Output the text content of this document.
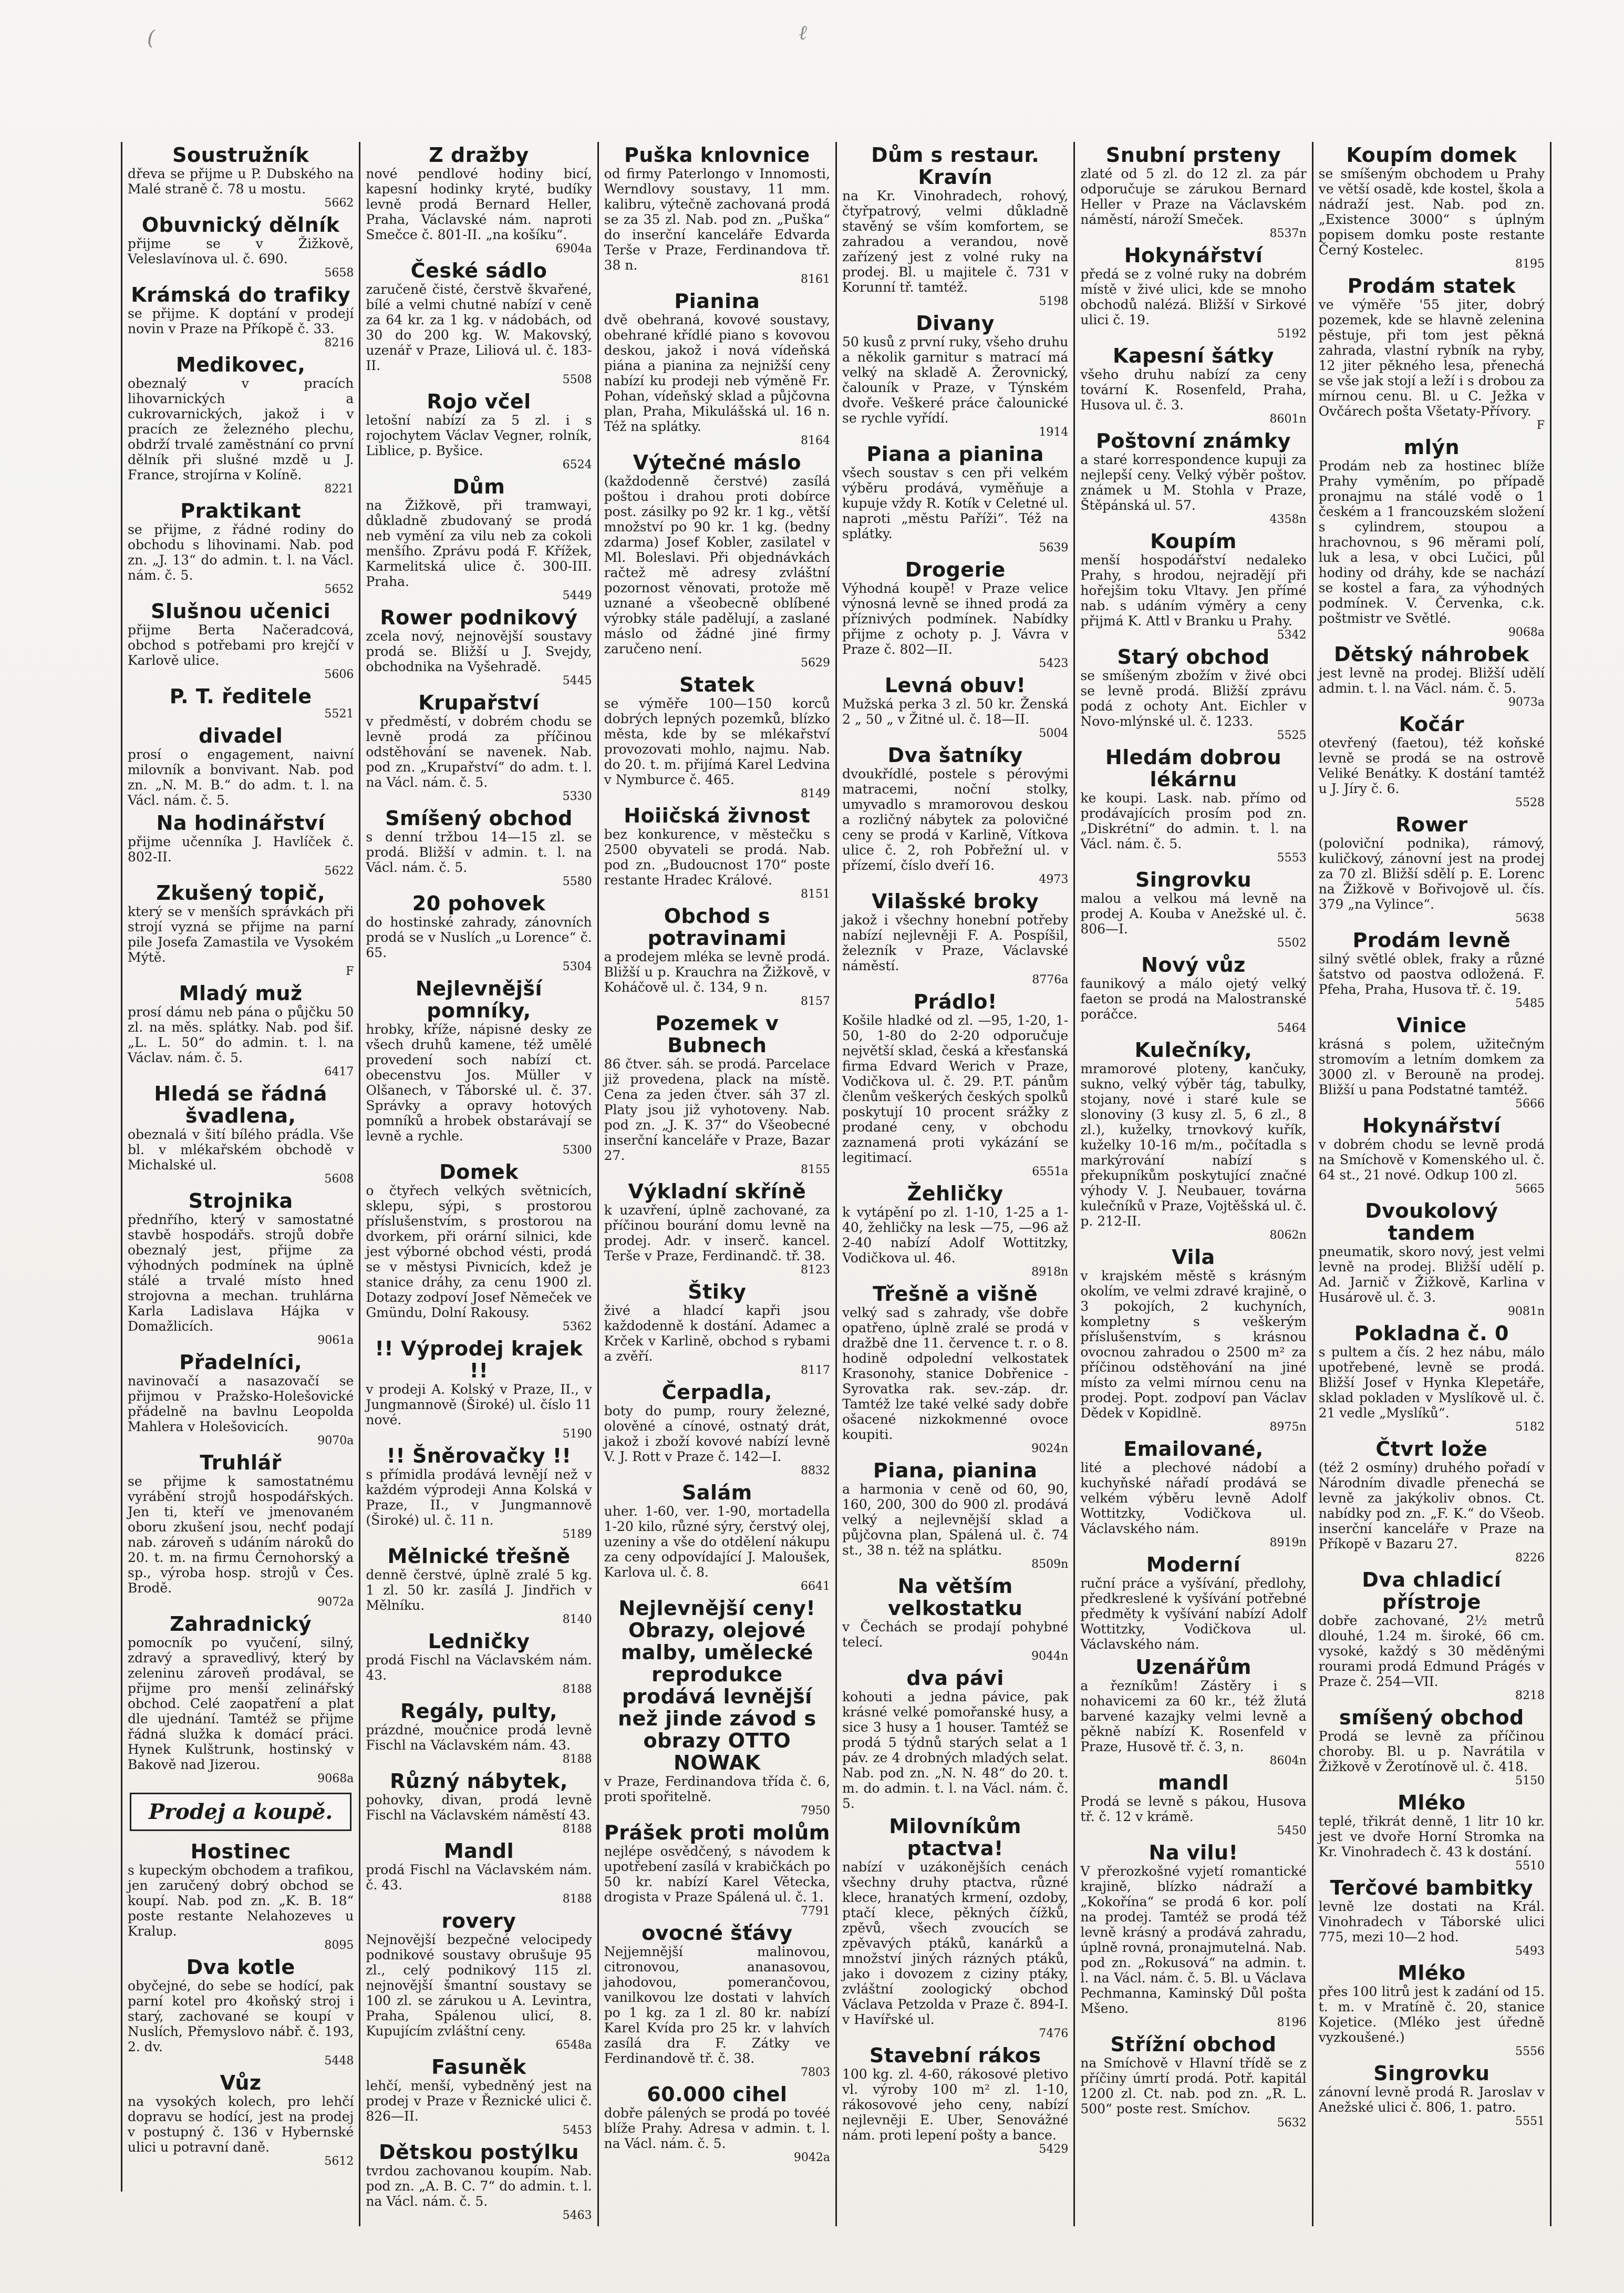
(	ℓ
Soustružník

dřeva se přijme u P. Dubského na Malé straně č. 78 u mostu.

5662
Obuvnický dělník

přijme se v Žižkově, Veleslavínova ul. č. 690.

5658
Krámská do trafiky

se přijme. K doptání v prodejí novin v Praze na Příkopě č. 33.

8216
Medikovec,

obeznalý v pracích lihovarnických a cukrovarnických, jakož i v pracích ze železného plechu, obdrží trvalé zaměstnání co první dělník při slušné mzdě u J. France, strojírna v Kolíně.

8221
Praktikant

se přijme, z řádné rodiny do obchodu s lihovinami. Nab. pod zn. „J. 13“ do admin. t. l. na Václ. nám. č. 5.

5652
Slušnou učenici

přijme Berta Načeradcová, obchod s potřebami pro krejčí v Karlově ulice.

5606
P. T. ředitele

5521
divadel

prosí o engagement, naivní milovník a bonvivant. Nab. pod zn. „N. M. B.“ do adm. t. l. na Václ. nám. č. 5.

Na hodinářství

přijme učenníka J. Havlíček č. 802-II.

5622
Zkušený topič,

který se v menších správkách při strojí vyzná se přijme na parní pile Josefa Zamastila ve Vysokém Mýtě.

F
Mladý muž

prosí dámu neb pána o půjčku 50 zl. na měs. splátky. Nab. pod šif. „L. L. 50“ do admin. t. l. na Václav. nám. č. 5.

6417
Hledá se řádná švadlena,

obeznalá v šití bílého prádla. Vše bl. v mlékařském obchodě v Michalské ul.

5608
Strojnika

přednřího, který v samostatné stavbě hospodářs. strojů dobře obeznalý jest, přijme za výhodných podmínek na úplně stálé a trvalé místo hned strojovna a mechan. truhlárna Karla Ladislava Hájka v Domažlicích.

9061a
Přadelníci,

navinovačí a nasazovačí se přijmou v Pražsko-Holešovické přádelně na bavlnu Leopolda Mahlera v Holešovicích.

9070a
Truhlář

se přijme k samostatnému vyrábění strojů hospodářských. Jen ti, kteří ve jmenovaném oboru zkušení jsou, nechť podají nab. zároveň s udáním nároků do 20. t. m. na firmu Černohorský a sp., výroba hosp. strojů v Čes. Brodě.

9072a
Zahradnický

pomocník po vyučení, silný, zdravý a spravedlivý, který by zeleninu zároveň prodával, se přijme pro menší zelinářský obchod. Celé zaopatření a plat dle ujednání. Tamtéž se přijme řádná služka k domácí práci. Hynek Kulštrunk, hostinský v Bakově nad Jizerou.

9068a
Prodej a koupě.
Hostinec

s kupeckým obchodem a trafikou, jen zaručený dobrý obchod se koupí. Nab. pod zn. „K. B. 18“ poste restante Nelahozeves u Kralup.

8095
Dva kotle

obyčejné, do sebe se hodící, pak parní kotel pro 4koňský stroj i starý, zachované se koupí v Nuslích, Přemyslovo nábř. č. 193, 2. dv.

5448
Vůz

na vysokých kolech, pro lehčí dopravu se hodící, jest na prodej v postupný č. 136 v Hybernské ulici u potravní daně.

5612
Z dražby

nové pendlové hodiny bicí, kapesní hodinky kryté, budíky levně prodá Bernard Heller, Praha, Václavské nám. naproti Smečce č. 801-II. „na košíku“.

6904a
České sádlo

zaručeně čisté, čerstvě škvařené, bílé a velmi chutné nabízí v ceně za 64 kr. za 1 kg. v nádobách, od 30 do 200 kg. W. Makovský, uzenář v Praze, Liliová ul. č. 183-II.

5508
Rojo včel

letošní nabízí za 5 zl. i s rojochytem Václav Vegner, rolník, Liblice, p. Byšice.

6524
Dům

na Žižkově, při tramwayi, důkladně zbudovaný se prodá neb vymění za vilu neb za cokoli menšího. Zprávu podá F. Křížek, Karmelitská ulice č. 300-III. Praha.

5449
Rower podnikový

zcela nový, nejnovější soustavy prodá se. Bližší u J. Svejdy, obchodnika na Vyšehradě.

5445
Krupařství

v předměstí, v dobrém chodu se levně prodá za příčinou odstěhování se navenek. Nab. pod zn. „Krupařství“ do adm. t. l. na Václ. nám. č. 5.

5330
Smíšený obchod

s denní tržbou 14—15 zl. se prodá. Bližší v admin. t. l. na Václ. nám. č. 5.

5580
20 pohovek

do hostinské zahrady, zánovních prodá se v Nuslích „u Lorence“ č. 65.

5304
Nejlevnější pomníky,

hrobky, kříže, nápisné desky ze všech druhů kamene, též umělé provedení soch nabízí ct. obecenstvu Jos. Müller v Olšanech, v Táborské ul. č. 37. Správky a opravy hotových pomníků a hrobek obstarávají se levně a rychle.

5300
Domek

o čtyřech velkých světnicích, sklepu, sýpi, s prostorou příslušenstvím, s prostorou na dvorkem, při orární silnici, kde jest výborné obchod vésti, prodá se v městysi Pivnicích, kdež je stanice dráhy, za cenu 1900 zl. Dotazy zodpoví Josef Němeček ve Gmündu, Dolní Rakousy.

5362
!! Výprodej krajek !!

v prodeji A. Kolský v Praze, II., v Jungmannově (Široké) ul. číslo 11 nové.

5190
!! Šněrovačky !!

s přímidla prodává levnějí než v každém výprodeji Anna Kolská v Praze, II., v Jungmannově (Široké) ul. č. 11 n.

5189
Mělnické třešně

denně čerstvé, úplně zralé 5 kg. 1 zl. 50 kr. zasílá J. Jindřich v Mělníku.

8140
Ledničky

prodá Fischl na Václavském nám. 43.

8188
Regály, pulty,

prázdné, moučnice prodá levně Fischl na Václavském nám. 43.

8188
Různý nábytek,

pohovky, divan, prodá levně Fischl na Václavském náměstí 43.

8188
Mandl

prodá Fischl na Václavském nám. č. 43.

8188
rovery

Nejnovější bezpečné velocipedy podnikové soustavy obrušuje 95 zl., celý podnikový 115 zl. nejnovější šmantní soustavy se 100 zl. se zárukou u A. Levintra, Praha, Spálenou ulicí, 8. Kupujícím zvláštní ceny.

6548a
Fasuněk

lehčí, menší, vybedněný jest na prodej v Praze v Řeznické ulici č. 826—II.

5453
Dětskou postýlku

tvrdou zachovanou koupím. Nab. pod zn. „A. B. C. 7“ do admin. t. l. na Václ. nám. č. 5.

5463
Puška knlovnice

od firmy Paterlongo v Innomosti, Werndlovy soustavy, 11 mm. kalibru, výtečně zachovaná prodá se za 35 zl. Nab. pod zn. „Puška“ do inserční kanceláře Edvarda Terše v Praze, Ferdinandova tř. 38 n.

8161
Pianina

dvě obehraná, kovové soustavy, obehrané křídlé piano s kovovou deskou, jakož i nová vídeňská piána a pianina za nejnižší ceny nabízí ku prodeji neb výměně Fr. Pohan, vídeňský sklad a půjčovna plan, Praha, Mikulášská ul. 16 n. Též na splátky.

8164
Výtečné máslo

(každodenně čerstvé) zasílá poštou i drahou proti dobírce post. zásilky po 92 kr. 1 kg., větší množství po 90 kr. 1 kg. (bedny zdarma) Josef Kobler, zasilatel v Ml. Boleslavi. Při objednávkách račtež mě adresy zvláštní pozornost věnovati, protože mě uznané a všeobecně oblíbené výrobky stále padělují, a zaslané máslo od žádné jiné firmy zaručeno není.

5629
Statek

se výměře 100—150 korců dobrých lepných pozemků, blízko města, kde by se mlékařství provozovati mohlo, najmu. Nab. do 20. t. m. přijímá Karel Ledvina v Nymburce č. 465.

8149
Hoiičská živnost

bez konkurence, v městečku s 2500 obyvateli se prodá. Nab. pod zn. „Budoucnost 170“ poste restante Hradec Králové.

8151
Obchod s potravinami

a prodejem mléka se levně prodá. Bližší u p. Krauchra na Žižkově, v Koháčově ul. č. 134, 9 n.

8157
Pozemek v Bubnech

86 čtver. sáh. se prodá. Parcelace již provedena, plack na místě. Cena za jeden čtver. sáh 37 zl. Platy jsou již vyhotoveny. Nab. pod zn. „J. K. 37“ do Všeobecné inserční kanceláře v Praze, Bazar 27.

8155
Výkladní skříně

k uzavření, úplně zachované, za příčinou bourání domu levně na prodej. Adr. v inserč. kancel. Terše v Praze, Ferdinandč. tř. 38.

8123
Štiky

živé a hladcí kapři jsou každodenně k dostání. Adamec a Krček v Karlině, obchod s rybami a zvěří.

8117
Čerpadla,

boty do pump, roury železné, olověné a cínové, ostnatý drát, jakož i zboží kovové nabízí levně V. J. Rott v Praze č. 142—I.

8832
Salám

uher. 1-60, ver. 1-90, mortadella 1-20 kilo, různé sýry, čerstvý olej, uzeniny a vše do otdělení nákupu za ceny odpovídající J. Maloušek, Karlova ul. č. 8.

6641
Nejlevnější ceny! Obrazy, olejové malby, umělecké reprodukce prodává levnější než jinde závod s obrazy OTTO NOWAK

v Praze, Ferdinandova třída č. 6, proti spořitelně.

7950
Prášek proti molům

nejlépe osvědčený, s návodem k upotřebení zasílá v krabičkách po 50 kr. nabízí Karel Větecka, drogista v Praze Spálená ul. č. 1.

7791
ovocné šťávy

Nejjemnější malinovou, citronovou, ananasovou, jahodovou, pomerančovou, vanilkovou lze dostati v lahvích po 1 kg. za 1 zl. 80 kr. nabízí Karel Kvída pro 25 kr. v lahvích zasílá dra F. Zátky ve Ferdinandově tř. č. 38.

7803
60.000 cihel

dobře pálených se prodá po tovéé blíže Prahy. Adresa v admin. t. l. na Václ. nám. č. 5.

9042a
Dům s restaur. Kravín

na Kr. Vinohradech, rohový, čtyřpatrový, velmi důkladně stavěný se vším komfortem, se zahradou a verandou, nově zařízený jest z volné ruky na prodej. Bl. u majitele č. 731 v Korunní tř. tamtéž.

5198
Divany

50 kusů z první ruky, všeho druhu a několik garnitur s matrací má velký na skladě A. Žerovnický, čalouník v Praze, v Týnském dvoře. Veškeré práce čalounické se rychle vyřídí.

1914
Piana a pianina

všech soustav s cen při velkém výběru prodává, vyměňuje a kupuje vždy R. Kotík v Celetné ul. naproti „městu Paříži“. Též na splátky.

5639
Drogerie

Výhodná koupě! v Praze velice výnosná levně se ihned prodá za příznivých podmínek. Nabídky přijme z ochoty p. J. Vávra v Praze č. 802—II.

5423
Levná obuv!

Mužská perka 3 zl. 50 kr. Ženská 2 „ 50 „ v Žitné ul. č. 18—II.

5004
Dva šatníky

dvoukřídlé, postele s pérovými matracemi, noční stolky, umyvadlo s mramorovou deskou a rozličný nábytek za polovičné ceny se prodá v Karlině, Vítkova ulice č. 2, roh Pobřežní ul. v přízemí, číslo dveří 16.

4973
Vilašské broky

jakož i všechny honební potřeby nabízí nejlevněji F. A. Pospíšil, železník v Praze, Václavské náměstí.

8776a
Prádlo!

Košile hladké od zl. —95, 1-20, 1-50, 1-80 do 2-20 odporučuje největší sklad, česká a křesťanská firma Edvard Werich v Praze, Vodičkova ul. č. 29. P.T. pánům členům veškerých českých spolků poskytují 10 procent srážky z prodané ceny, v obchodu zaznamená proti vykázání se legitimací.

6551a
Žehličky

k vytápění po zl. 1-10, 1-25 a 1-40, žehličky na lesk —75, —96 až 2-40 nabízí Adolf Wottitzky, Vodičkova ul. 46.

8918n
Třešně a višně

velký sad s zahrady, vše dobře opatřeno, úplně zralé se prodá v dražbě dne 11. července t. r. o 8. hodině odpolední velkostatek Krasonohy, stanice Dobřenice - Syrovatka rak. sev.-záp. dr. Tamtéž lze také velké sady dobře ošacené nizkokmenné ovoce koupiti.

9024n
Piana, pianina

a harmonia v ceně od 60, 90, 160, 200, 300 do 900 zl. prodává velký a nejlevnější sklad a půjčovna plan, Spálená ul. č. 74 st., 38 n. též na splátku.

8509n
Na větším velkostatku

v Čechách se prodají pohybné telecí.

9044n
dva pávi

kohouti a jedna pávice, pak krásné velké pomořanské husy, a sice 3 husy a 1 houser. Tamtéž se prodá 5 týdnů starých selat a 1 páv. ze 4 drobných mladých selat. Nab. pod zn. „N. N. 48“ do 20. t. m. do admin. t. l. na Václ. nám. č. 5.

Milovníkům ptactva!

nabízí v uzákonějších cenách všechny druhy ptactva, různé klece, hranatých krmení, ozdoby, ptačí klece, pěkných čížků, zpěvů, všech zvoucích se zpěvavých ptáků, kanárků a množství jiných rázných ptáků, jako i dovozem z ciziny ptáky, zvláštní zoologický obchod Václava Petzolda v Praze č. 894-I. v Havířské ul.

7476
Stavební rákos

100 kg. zl. 4-60, rákosové pletivo vl. výroby 100 m² zl. 1-10, rákosovové jeho ceny, nabízí nejlevněji E. Uber, Senovážné nám. proti lepení pošty a bance.

5429
Snubní prsteny

zlaté od 5 zl. do 12 zl. za pár odporučuje se zárukou Bernard Heller v Praze na Václavském náměstí, nároží Smeček.

8537n
Hokynářství

předá se z volné ruky na dobrém místě v živé ulici, kde se mnoho obchodů nalézá. Bližší v Sirkové ulici č. 19.

5192
Kapesní šátky

všeho druhu nabízí za ceny tovární K. Rosenfeld, Praha, Husova ul. č. 3.

8601n
Poštovní známky

a staré korrespondence kupuji za nejlepší ceny. Velký výběr poštov. známek u M. Stohla v Praze, Štěpánská ul. 57.

4358n
Koupím

menší hospodářství nedaleko Prahy, s hrodou, nejradějí při hořejšim toku Vltavy. Jen přímé nab. s udáním výměry a ceny přijmá K. Attl v Branku u Prahy.

5342
Starý obchod

se smíšeným zbožím v živé obci se levně prodá. Bližší zprávu podá z ochoty Ant. Eichler v Novo-mlýnské ul. č. 1233.

5525
Hledám dobrou lékárnu

ke koupi. Lask. nab. přímo od prodávajících prosím pod zn. „Diskrétní“ do admin. t. l. na Václ. nám. č. 5.

5553
Singrovku

malou a velkou má levně na prodej A. Kouba v Anežské ul. č. 806—I.

5502
Nový vůz

faunikový a málo ojetý velký faeton se prodá na Malostranské poráčce.

5464
Kulečníky,

mramorové ploteny, kančuky, sukno, velký výběr tág, tabulky, stojany, nové i staré kule se slonoviny (3 kusy zl. 5, 6 zl., 8 zl.), kuželky, trnovkový kuřík, kuželky 10-16 m/m., počítadla s markýrování nabízí s překupníkům poskytující značné výhody V. J. Neubauer, továrna kulečníků v Praze, Vojtěšská ul. č. p. 212-II.

8062n
Vila

v krajském městě s krásným okolím, ve velmi zdravé krajině, o 3 pokojích, 2 kuchyních, kompletny s veškerým příslušenstvím, s krásnou ovocnou zahradou o 2500 m² za příčinou odstěhování na jiné místo za velmi mírnou cenu na prodej. Popt. zodpoví pan Václav Dědek v Kopidlně.

8975n
Emailované,

lité a plechové nádobí a kuchyňské nářadí prodává se velkém výběru levně Adolf Wottitzky, Vodičkova ul. Václavského nám.

8919n
Moderní

ruční práce a vyšívání, předlohy, předkreslené k vyšívání potřebné předměty k vyšívání nabízí Adolf Wottitzky, Vodičkova ul. Václavského nám.

Uzenářům

a řezníkům! Zástěry i s nohavicemi za 60 kr., též žlutá barvené kazajky velmi levně a pěkně nabízí K. Rosenfeld v Praze, Husově tř. č. 3, n.

8604n
mandl

Prodá se levně s pákou, Husova tř. č. 12 v krámě.

5450
Na vilu!

V přerozkošné vyjetí romantické krajině, blízko nádraží a „Kokořína“ se prodá 6 kor. polí na prodej. Tamtéž se prodá též levně krásný a prodává zahradu, úplně rovná, pronajmutelná. Nab. pod zn. „Rokusová“ na admin. t. l. na Václ. nám. č. 5. Bl. u Václava Pechmanna, Kaminský Důl pošta Mšeno.

8196
Střížní obchod

na Smíchově v Hlavní třídě se z příčiny úmrtí prodá. Potř. kapitál 1200 zl. Ct. nab. pod zn. „R. L. 500“ poste rest. Smíchov.

5632
Koupím domek

se smíšeným obchodem u Prahy ve větší osadě, kde kostel, škola a nádraží jest. Nab. pod zn. „Existence 3000“ s úplným popisem domku poste restante Černý Kostelec.

8195
Prodám statek

ve výměře '55 jiter, dobrý pozemek, kde se hlavně zelenina pěstuje, při tom jest pěkná zahrada, vlastní rybník na ryby, 12 jiter pěkného lesa, přenechá se vše jak stojí a leží i s drobou za mírnou cenu. Bl. u C. Ježka v Ovčárech pošta Všetaty-Přívory.

F
mlýn

Prodám neb za hostinec blíže Prahy vyměním, po případě pronajmu na stálé vodě o 1 českém a 1 francouzském složení s cylindrem, stoupou a hrachovnou, s 96 měrami polí, luk a lesa, v obci Lučici, půl hodiny od dráhy, kde se nachází se kostel a fara, za výhodných podmínek. V. Červenka, c.k. poštmistr ve Světlé.

9068a
Dětský náhrobek

jest levně na prodej. Bližší udělí admin. t. l. na Václ. nám. č. 5.

9073a
Kočár

otevřený (faetou), též koňské levně se prodá se na ostrově Veliké Benátky. K dostání tamtéž u J. Jíry č. 6.

5528
Rower

(poloviční podnika), rámový, kuličkový, zánovní jest na prodej za 70 zl. Bližší sdělí p. E. Lorenc na Žižkově v Bořivojově ul. čís. 379 „na Vylince“.

5638
Prodám levně

silný světlé oblek, fraky a různé šatstvo od paostva odložená. F. Pfeha, Praha, Husova tř. č. 19.

5485
Vinice

krásná s polem, užitečným stromovím a letním domkem za 3000 zl. v Berouně na prodej. Bližší u pana Podstatné tamtéž.

5666
Hokynářství

v dobrém chodu se levně prodá na Smíchově v Komenského ul. č. 64 st., 21 nové. Odkup 100 zl.

5665
Dvoukolový tandem

pneumatik, skoro nový, jest velmi levně na prodej. Bližší udělí p. Ad. Jarnič v Žižkově, Karlina v Husárově ul. č. 3.

9081n
Pokladna č. 0

s pultem a čís. 2 hez nábu, málo upotřebené, levně se prodá. Bližší Josef v Hynka Klepetáře, sklad pokladen v Myslíkově ul. č. 21 vedle „Myslíků“.

5182
Čtvrt lože

(též 2 osmíny) druhého pořadí v Národním divadle přenechá se levně za jakýkoliv obnos. Ct. nabídky pod zn. „F. K.“ do Všeob. inserční kanceláře v Praze na Příkopě v Bazaru 27.

8226
Dva chladicí přístroje

dobře zachované, 2½ metrů dlouhé, 1.24 m. široké, 66 cm. vysoké, každý s 30 měděnými rourami prodá Edmund Prágés v Praze č. 254—VII.

8218
smíšený obchod

Prodá se levně za příčinou choroby. Bl. u p. Navrátila v Žižkově v Žerotínově ul. č. 418.

5150
Mléko

teplé, třikrát denně, 1 litr 10 kr. jest ve dvoře Horní Stromka na Kr. Vinohradech č. 43 k dostání.

5510
Terčové bambitky

levně lze dostati na Král. Vinohradech v Táborské ulici 775, mezi 10—2 hod.

5493
Mléko

přes 100 litrů jest k zadání od 15. t. m. v Mratíně č. 20, stanice Kojetice. (Mléko jest úředně vyzkoušené.)

5556
Singrovku

zánovní levně prodá R. Jaroslav v Anežské ulici č. 806, 1. patro.

5551
